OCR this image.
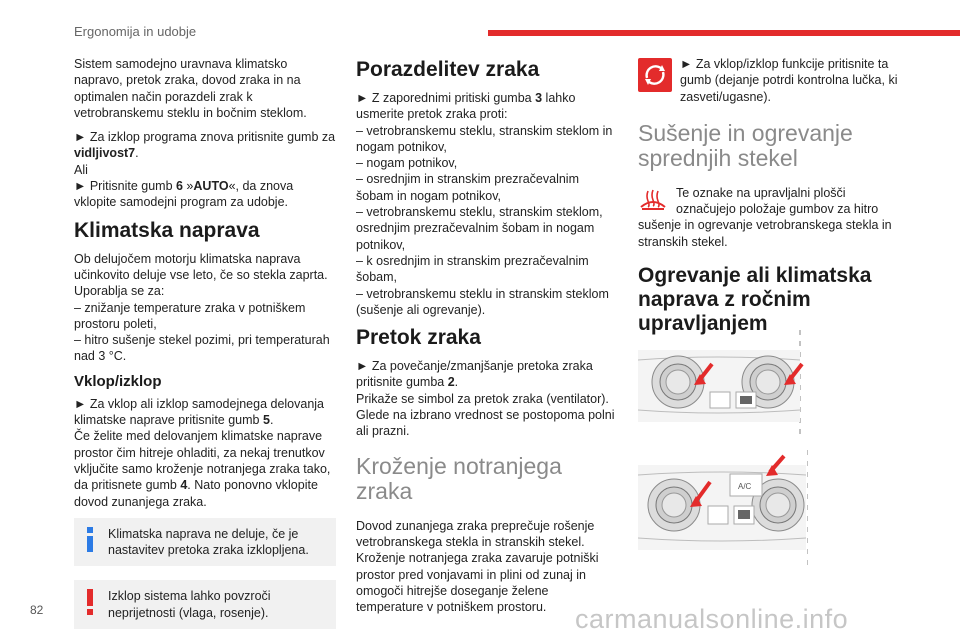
Ergonomija in udobje

Sistem samodejno uravnava klimatsko napravo, pretok zraka, dovod zraka in na optimalen način porazdeli zrak k vetrobranskemu steklu in bočnim steklom.

► Za izklop programa znova pritisnite gumb za vidljivost7.

Ali

► Pritisnite gumb 6 »AUTO«, da znova vklopite samodejni program za udobje.

Klimatska naprava

Ob delujočem motorju klimatska naprava učinkovito deluje vse leto, če so stekla zaprta.

Uporablja se za:

– znižanje temperature zraka v potniškem prostoru poleti,

– hitro sušenje stekel pozimi, pri temperaturah nad 3 °C.

Vklop/izklop

► Za vklop ali izklop samodejnega delovanja klimatske naprave pritisnite gumb 5.

Če želite med delovanjem klimatske naprave prostor čim hitreje ohladiti, za nekaj trenutkov vključite samo kroženje notranjega zraka tako, da pritisnete gumb 4. Nato ponovno vklopite dovod zunanjega zraka.

Klimatska naprava ne deluje, če je nastavitev pretoka zraka izklopljena.
Izklop sistema lahko povzroči neprijetnosti (vlaga, rosenje).
Porazdelitev zraka

► Z zaporednimi pritiski gumba 3 lahko usmerite pretok zraka proti:

– vetrobranskemu steklu, stranskim steklom in nogam potnikov,

– nogam potnikov,

– osrednjim in stranskim prezračevalnim šobam in nogam potnikov,

– vetrobranskemu steklu, stranskim steklom, osrednjim prezračevalnim šobam in nogam potnikov,

– k osrednjim in stranskim prezračevalnim šobam,

– vetrobranskemu steklu in stranskim steklom (sušenje ali ogrevanje).

Pretok zraka

► Za povečanje/zmanjšanje pretoka zraka pritisnite gumba 2.

Prikaže se simbol za pretok zraka (ventilator). Glede na izbrano vrednost se postopoma polni ali prazni.

Kroženje notranjega zraka

Dovod zunanjega zraka preprečuje rošenje vetrobranskega stekla in stranskih stekel. Kroženje notranjega zraka zavaruje potniški prostor pred vonjavami in plini od zunaj in omogoči hitrejše doseganje želene temperature v potniškem prostoru.

► Za vklop/izklop funkcije pritisnite ta gumb (dejanje potrdi kontrolna lučka, ki zasveti/ugasne).

Sušenje in ogrevanje sprednjih stekel

Te oznake na upravljalni plošči označujejo položaje gumbov za hitro sušenje in ogrevanje vetrobranskega stekla in stranskih stekel.

Ogrevanje ali klimatska naprava z ročnim upravljanjem
A/C
82	carmanualsonline.info
